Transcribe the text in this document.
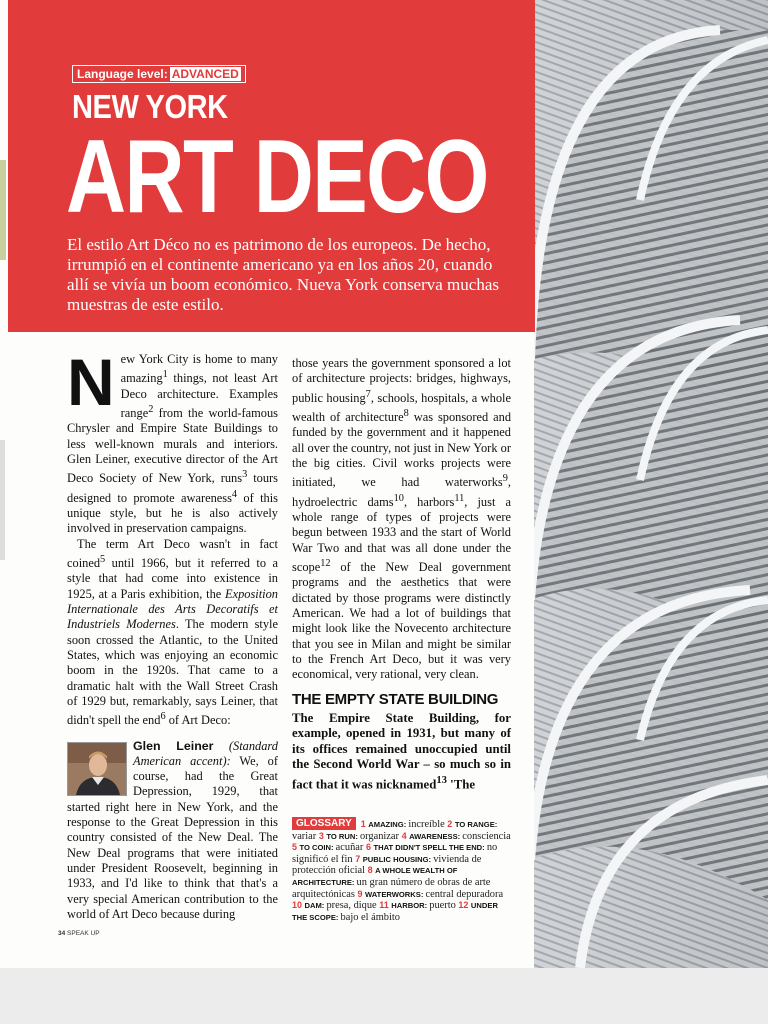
Language level: ADVANCED
NEW YORK
ART DECO
El estilo Art Déco no es patrimono de los europeos. De hecho, irrumpió en el continente americano ya en los años 20, cuando allí se vivía un boom económico. Nueva York conserva muchas muestras de este estilo.

New York City is home to many amazing$^1$ things, not least Art Deco architecture. Examples range$^2$ from the world-famous Chrysler and Empire State Buildings to less well-known murals and interiors. Glen Leiner, executive director of the Art Deco Society of New York, runs$^3$ tours designed to promote awareness$^4$ of this unique style, but he is also actively involved in preservation campaigns.

The term Art Deco wasn't in fact coined$^5$ until 1966, but it referred to a style that had come into existence in 1925, at a Paris exhibition, the Exposition Internationale des Arts Decoratifs et Industriels Modernes. The modern style soon crossed the Atlantic, to the United States, which was enjoying an economic boom in the 1920s. That came to a dramatic halt with the Wall Street Crash of 1929 but, remarkably, says Leiner, that didn't spell the end$^6$ of Art Deco:

Glen Leiner (Standard American accent): We, of course, had the Great Depression, 1929, that started right here in New York, and the response to the Great Depression in this country consisted of the New Deal. The New Deal programs that were initiated under President Roosevelt, beginning in 1933, and I'd like to think that that's a very special American contribution to the world of Art Deco because during

those years the government sponsored a lot of architecture projects: bridges, highways, public housing$^7$, schools, hospitals, a whole wealth of architecture$^8$ was sponsored and funded by the government and it happened all over the country, not just in New York or the big cities. Civil works projects were initiated, we had waterworks$^9$, hydroelectric dams$^{10}$, harbors$^{11}$, just a whole range of types of projects were begun between 1933 and the start of World War Two and that was all done under the scope$^{12}$ of the New Deal government programs and the aesthetics that were dictated by those programs were distinctly American. We had a lot of buildings that might look like the Novecento architecture that you see in Milan and might be similar to the French Art Deco, but it was very economical, very rational, very clean.

THE EMPTY STATE BUILDING

The Empire State Building, for example, opened in 1931, but many of its offices remained unoccupied until the Second World War – so much so in fact that it was nicknamed$^{13}$ 'The

GLOSSARY 1 AMAZING: increíble 2 TO RANGE: variar 3 TO RUN: organizar 4 AWARENESS: consciencia 5 TO COIN: acuñar 6 THAT DIDN'T SPELL THE END: no significó el fin 7 PUBLIC HOUSING: vivienda de protección oficial 8 A WHOLE WEALTH OF ARCHITECTURE: un gran número de obras de arte arquitectónicas 9 WATERWORKS: central depuradora 10 DAM: presa, dique 11 HARBOR: puerto 12 UNDER THE SCOPE: bajo el ámbito
34 SPEAK UP
